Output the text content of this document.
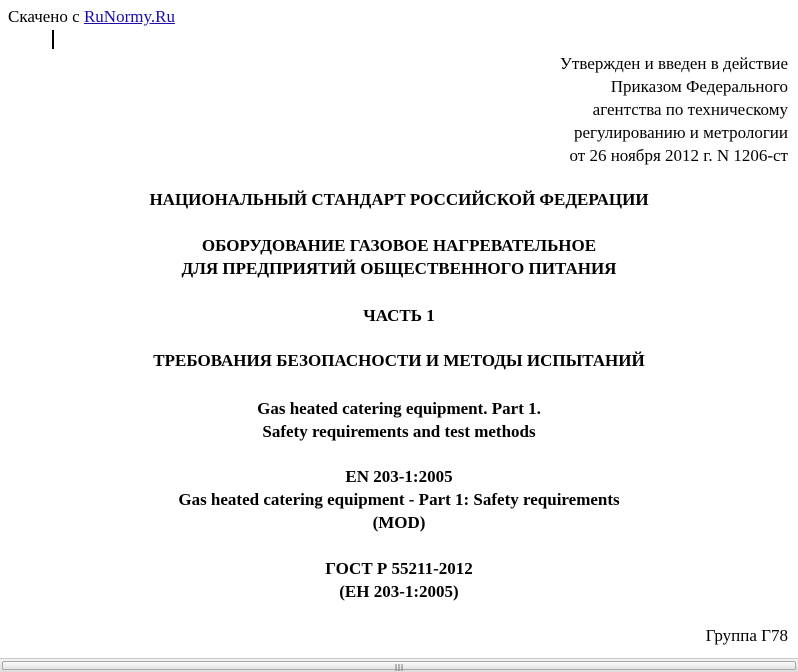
Скачено с RuNormy.Ru
Утвержден и введен в действие
Приказом Федерального
агентства по техническому
регулированию и метрологии
от 26 ноября 2012 г. N 1206-ст
НАЦИОНАЛЬНЫЙ СТАНДАРТ РОССИЙСКОЙ ФЕДЕРАЦИИ
ОБОРУДОВАНИЕ ГАЗОВОЕ НАГРЕВАТЕЛЬНОЕ
ДЛЯ ПРЕДПРИЯТИЙ ОБЩЕСТВЕННОГО ПИТАНИЯ
ЧАСТЬ 1
ТРЕБОВАНИЯ БЕЗОПАСНОСТИ И МЕТОДЫ ИСПЫТАНИЙ
Gas heated catering equipment. Part 1.
Safety requirements and test methods
EN 203-1:2005
Gas heated catering equipment - Part 1: Safety requirements
(MOD)
ГОСТ Р 55211-2012
(ЕН 203-1:2005)
Группа Г78
